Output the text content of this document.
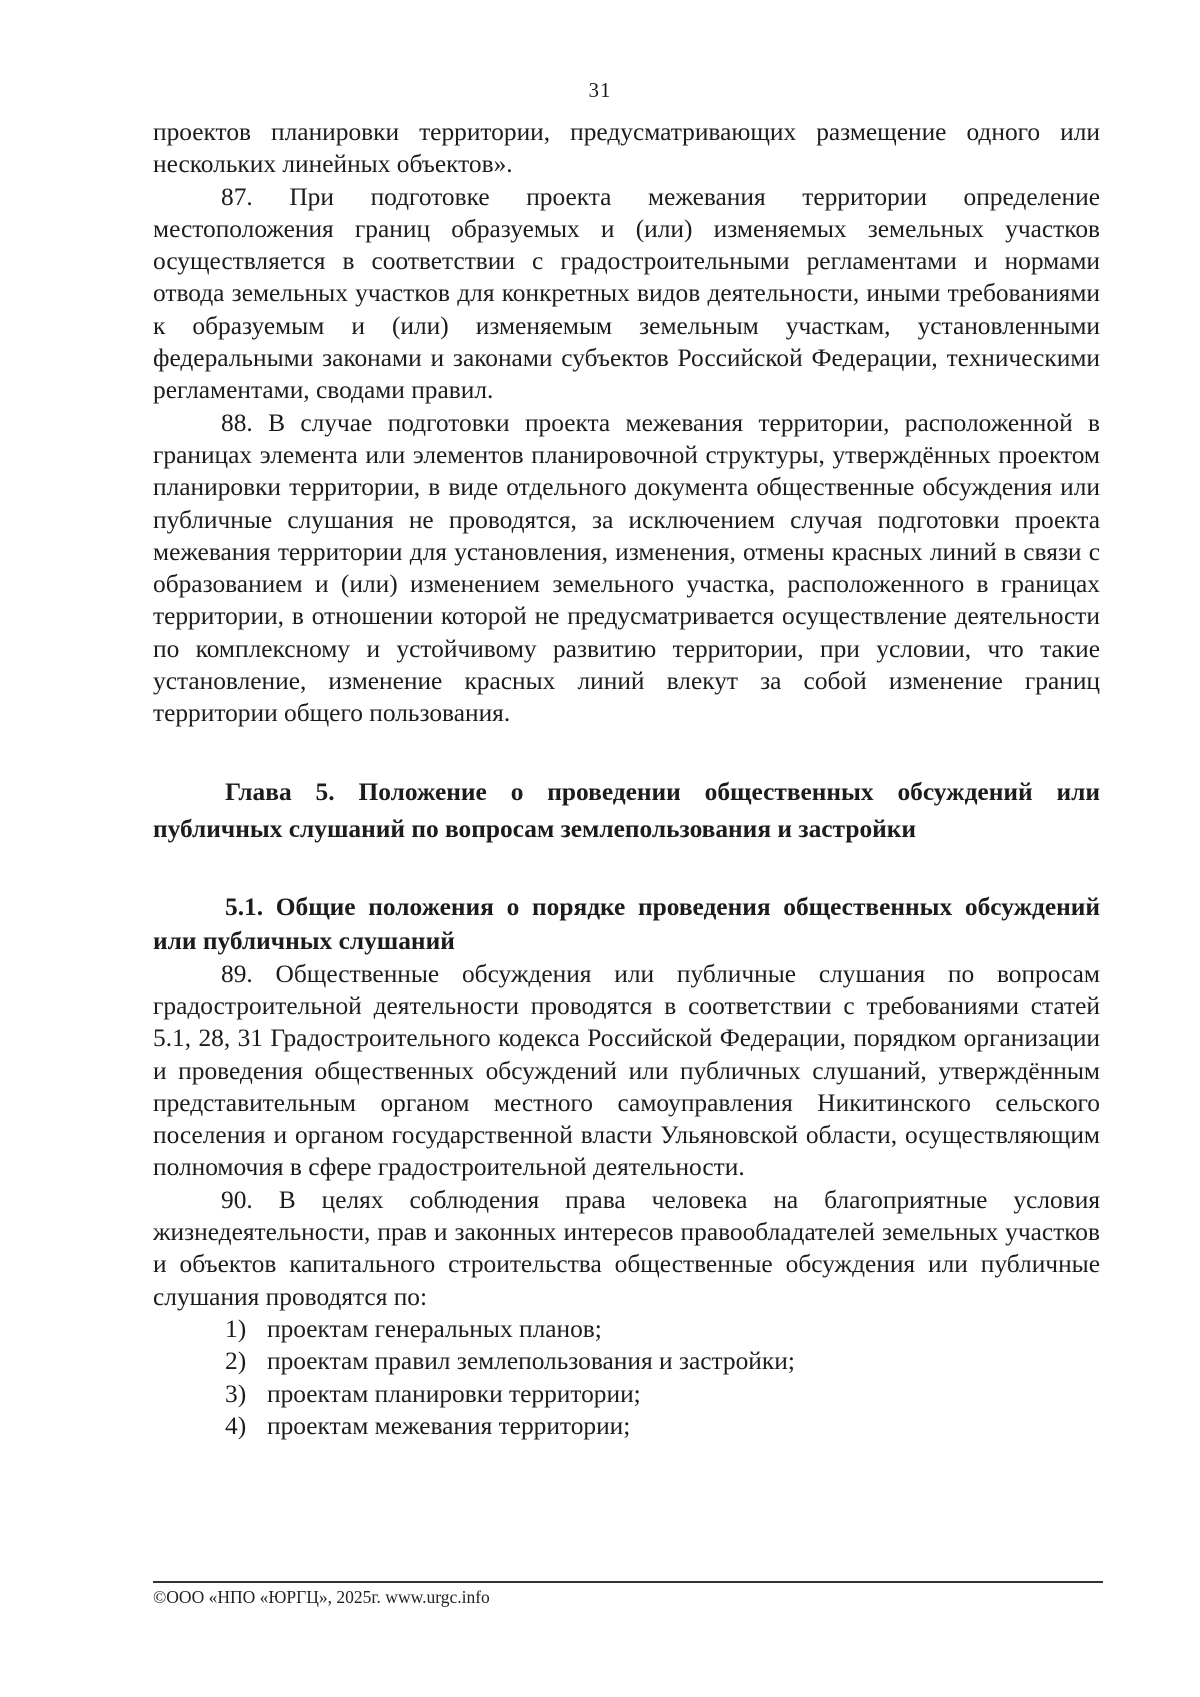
31

проектов планировки территории, предусматривающих размещение одного или нескольких линейных объектов».

87. При подготовке проекта межевания территории определение местоположения границ образуемых и (или) изменяемых земельных участков осуществляется в соответствии с градостроительными регламентами и нормами отвода земельных участков для конкретных видов деятельности, иными требованиями к образуемым и (или) изменяемым земельным участкам, установленными федеральными законами и законами субъектов Российской Федерации, техническими регламентами, сводами правил.

88. В случае подготовки проекта межевания территории, расположенной в границах элемента или элементов планировочной структуры, утверждённых проектом планировки территории, в виде отдельного документа общественные обсуждения или публичные слушания не проводятся, за исключением случая подготовки проекта межевания территории для установления, изменения, отмены красных линий в связи с образованием и (или) изменением земельного участка, расположенного в границах территории, в отношении которой не предусматривается осуществление деятельности по комплексному и устойчивому развитию территории, при условии, что такие установление, изменение красных линий влекут за собой изменение границ территории общего пользования.

Глава 5. Положение о проведении общественных обсуждений или публичных слушаний по вопросам землепользования и застройки

5.1. Общие положения о порядке проведения общественных обсуждений или публичных слушаний

89. Общественные обсуждения или публичные слушания по вопросам градостроительной деятельности проводятся в соответствии с требованиями статей 5.1, 28, 31 Градостроительного кодекса Российской Федерации, порядком организации и проведения общественных обсуждений или публичных слушаний, утверждённым представительным органом местного самоуправления Никитинского сельского поселения и органом государственной власти Ульяновской области, осуществляющим полномочия в сфере градостроительной деятельности.

90. В целях соблюдения права человека на благоприятные условия жизнедеятельности, прав и законных интересов правообладателей земельных участков и объектов капитального строительства общественные обсуждения или публичные слушания проводятся по:

1) проектам генеральных планов;
2) проектам правил землепользования и застройки;
3) проектам планировки территории;
4) проектам межевания территории;
©ООО «НПО «ЮРГЦ», 2025г. www.urgc.info
